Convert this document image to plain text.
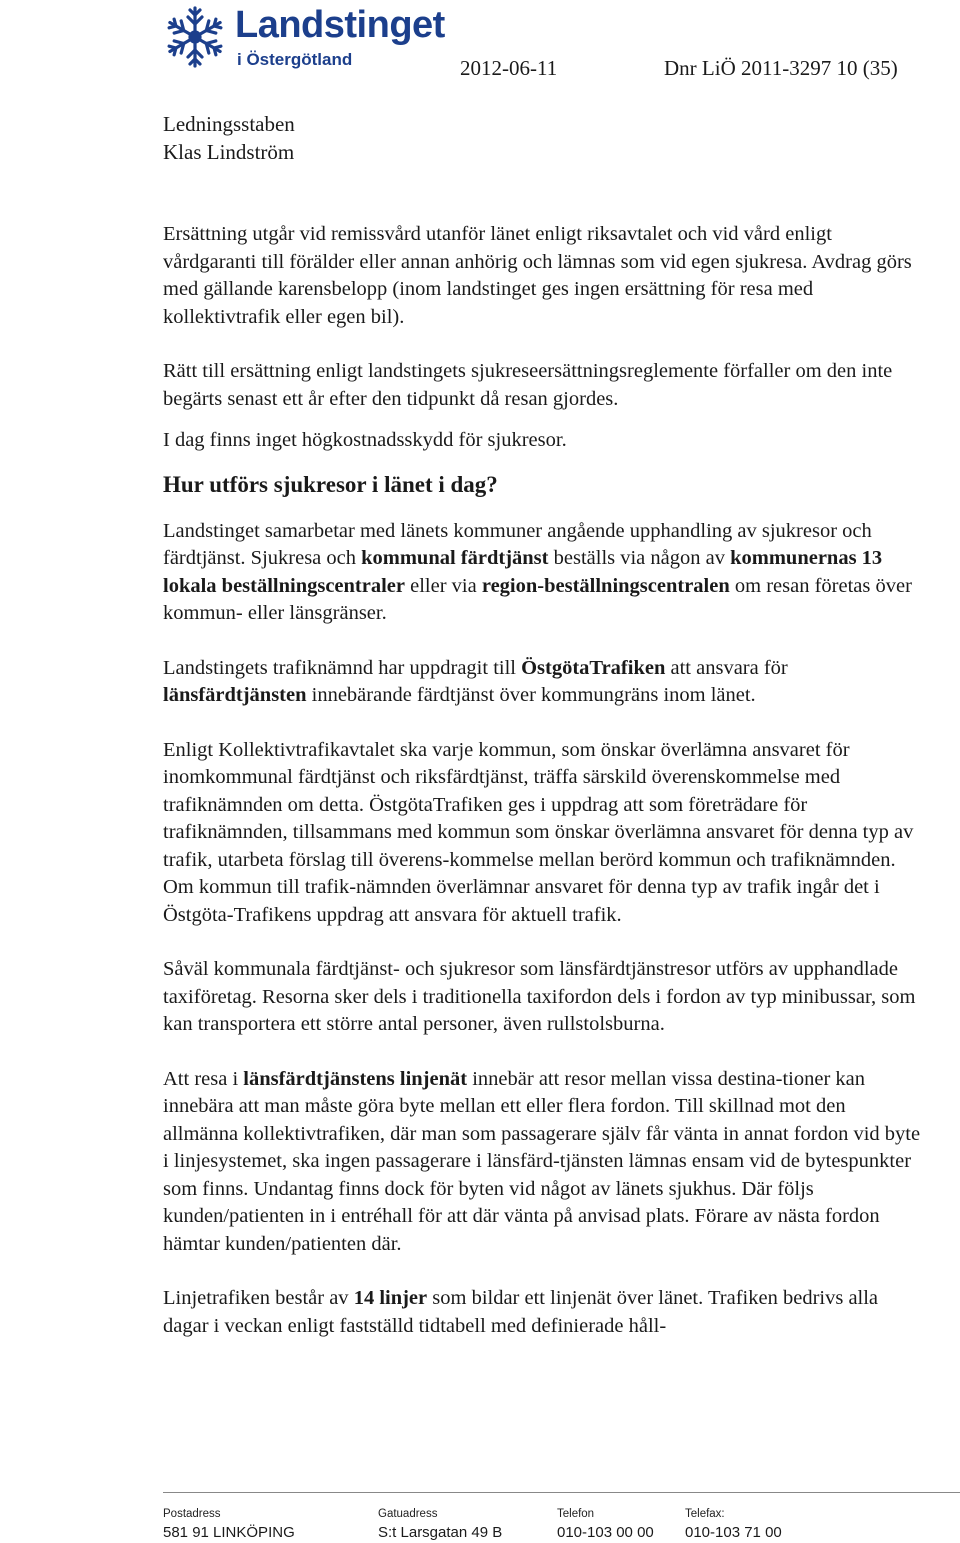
Landstinget
i Östergötland	2012-06-11	Dnr LiÖ 2011-3297 10 (35)
Ledningsstaben
Klas Lindström

Ersättning utgår vid remissvård utanför länet enligt riksavtalet och vid vård enligt vårdgaranti till förälder eller annan anhörig och lämnas som vid egen sjukresa. Avdrag görs med gällande karensbelopp (inom landstinget ges ingen ersättning för resa med kollektivtrafik eller egen bil).

Rätt till ersättning enligt landstingets sjukreseersättningsreglemente förfaller om den inte begärts senast ett år efter den tidpunkt då resan gjordes.

I dag finns inget högkostnadsskydd för sjukresor.

Hur utförs sjukresor i länet i dag?

Landstinget samarbetar med länets kommuner angående upphandling av sjukresor och färdtjänst. Sjukresa och kommunal färdtjänst beställs via någon av kommunernas 13 lokala beställningscentraler eller via region-beställningscentralen om resan företas över kommun- eller länsgränser.

Landstingets trafiknämnd har uppdragit till ÖstgötaTrafiken att ansvara för länsfärdtjänsten innebärande färdtjänst över kommungräns inom länet.

Enligt Kollektivtrafikavtalet ska varje kommun, som önskar överlämna ansvaret för inomkommunal färdtjänst och riksfärdtjänst, träffa särskild överenskommelse med trafiknämnden om detta. ÖstgötaTrafiken ges i uppdrag att som företrädare för trafiknämnden, tillsammans med kommun som önskar överlämna ansvaret för denna typ av trafik, utarbeta förslag till överens-kommelse mellan berörd kommun och trafiknämnden. Om kommun till trafik-nämnden överlämnar ansvaret för denna typ av trafik ingår det i Östgöta-Trafikens uppdrag att ansvara för aktuell trafik.

Såväl kommunala färdtjänst- och sjukresor som länsfärdtjänstresor utförs av upphandlade taxiföretag. Resorna sker dels i traditionella taxifordon dels i fordon av typ minibussar, som kan transportera ett större antal personer, även rullstolsburna.

Att resa i länsfärdtjänstens linjenät innebär att resor mellan vissa destina-tioner kan innebära att man måste göra byte mellan ett eller flera fordon. Till skillnad mot den allmänna kollektivtrafiken, där man som passagerare själv får vänta in annat fordon vid byte i linjesystemet, ska ingen passagerare i länsfärd-tjänsten lämnas ensam vid de bytespunkter som finns. Undantag finns dock för byten vid något av länets sjukhus. Där följs kunden/patienten in i entréhall för att där vänta på anvisad plats. Förare av nästa fordon hämtar kunden/patienten där.

Linjetrafiken består av 14 linjer som bildar ett linjenät över länet. Trafiken bedrivs alla dagar i veckan enligt fastställd tidtabell med definierade håll-

Postadress
581 91 LINKÖPING
Gatuadress
S:t Larsgatan 49 B
Telefon
010-103 00 00
Telefax:
010-103 71 00
